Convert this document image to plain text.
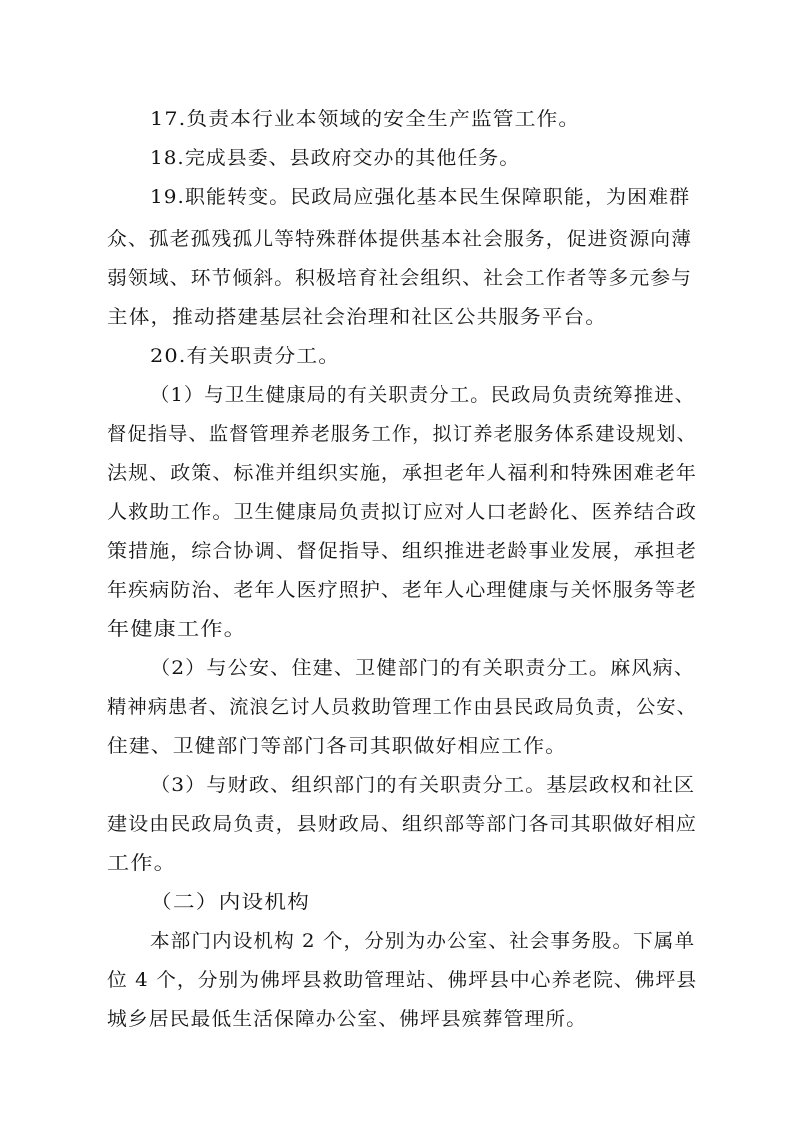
17.负责本行业本领域的安全生产监管工作。
18.完成县委、县政府交办的其他任务。
19.职能转变。民政局应强化基本民生保障职能，为困难群
众、孤老孤残孤儿等特殊群体提供基本社会服务，促进资源向薄
弱领域、环节倾斜。积极培育社会组织、社会工作者等多元参与
主体，推动搭建基层社会治理和社区公共服务平台。
20.有关职责分工。
（1）与卫生健康局的有关职责分工。民政局负责统筹推进、
督促指导、监督管理养老服务工作，拟订养老服务体系建设规划、
法规、政策、标准并组织实施，承担老年人福利和特殊困难老年
人救助工作。卫生健康局负责拟订应对人口老龄化、医养结合政
策措施，综合协调、督促指导、组织推进老龄事业发展，承担老
年疾病防治、老年人医疗照护、老年人心理健康与关怀服务等老
年健康工作。
（2）与公安、住建、卫健部门的有关职责分工。麻风病、
精神病患者、流浪乞讨人员救助管理工作由县民政局负责，公安、
住建、卫健部门等部门各司其职做好相应工作。
（3）与财政、组织部门的有关职责分工。基层政权和社区
建设由民政局负责，县财政局、组织部等部门各司其职做好相应
工作。
（二）内设机构
本部门内设机构 2 个，分别为办公室、社会事务股。下属单
位 4 个，分别为佛坪县救助管理站、佛坪县中心养老院、佛坪县
城乡居民最低生活保障办公室、佛坪县殡葬管理所。
